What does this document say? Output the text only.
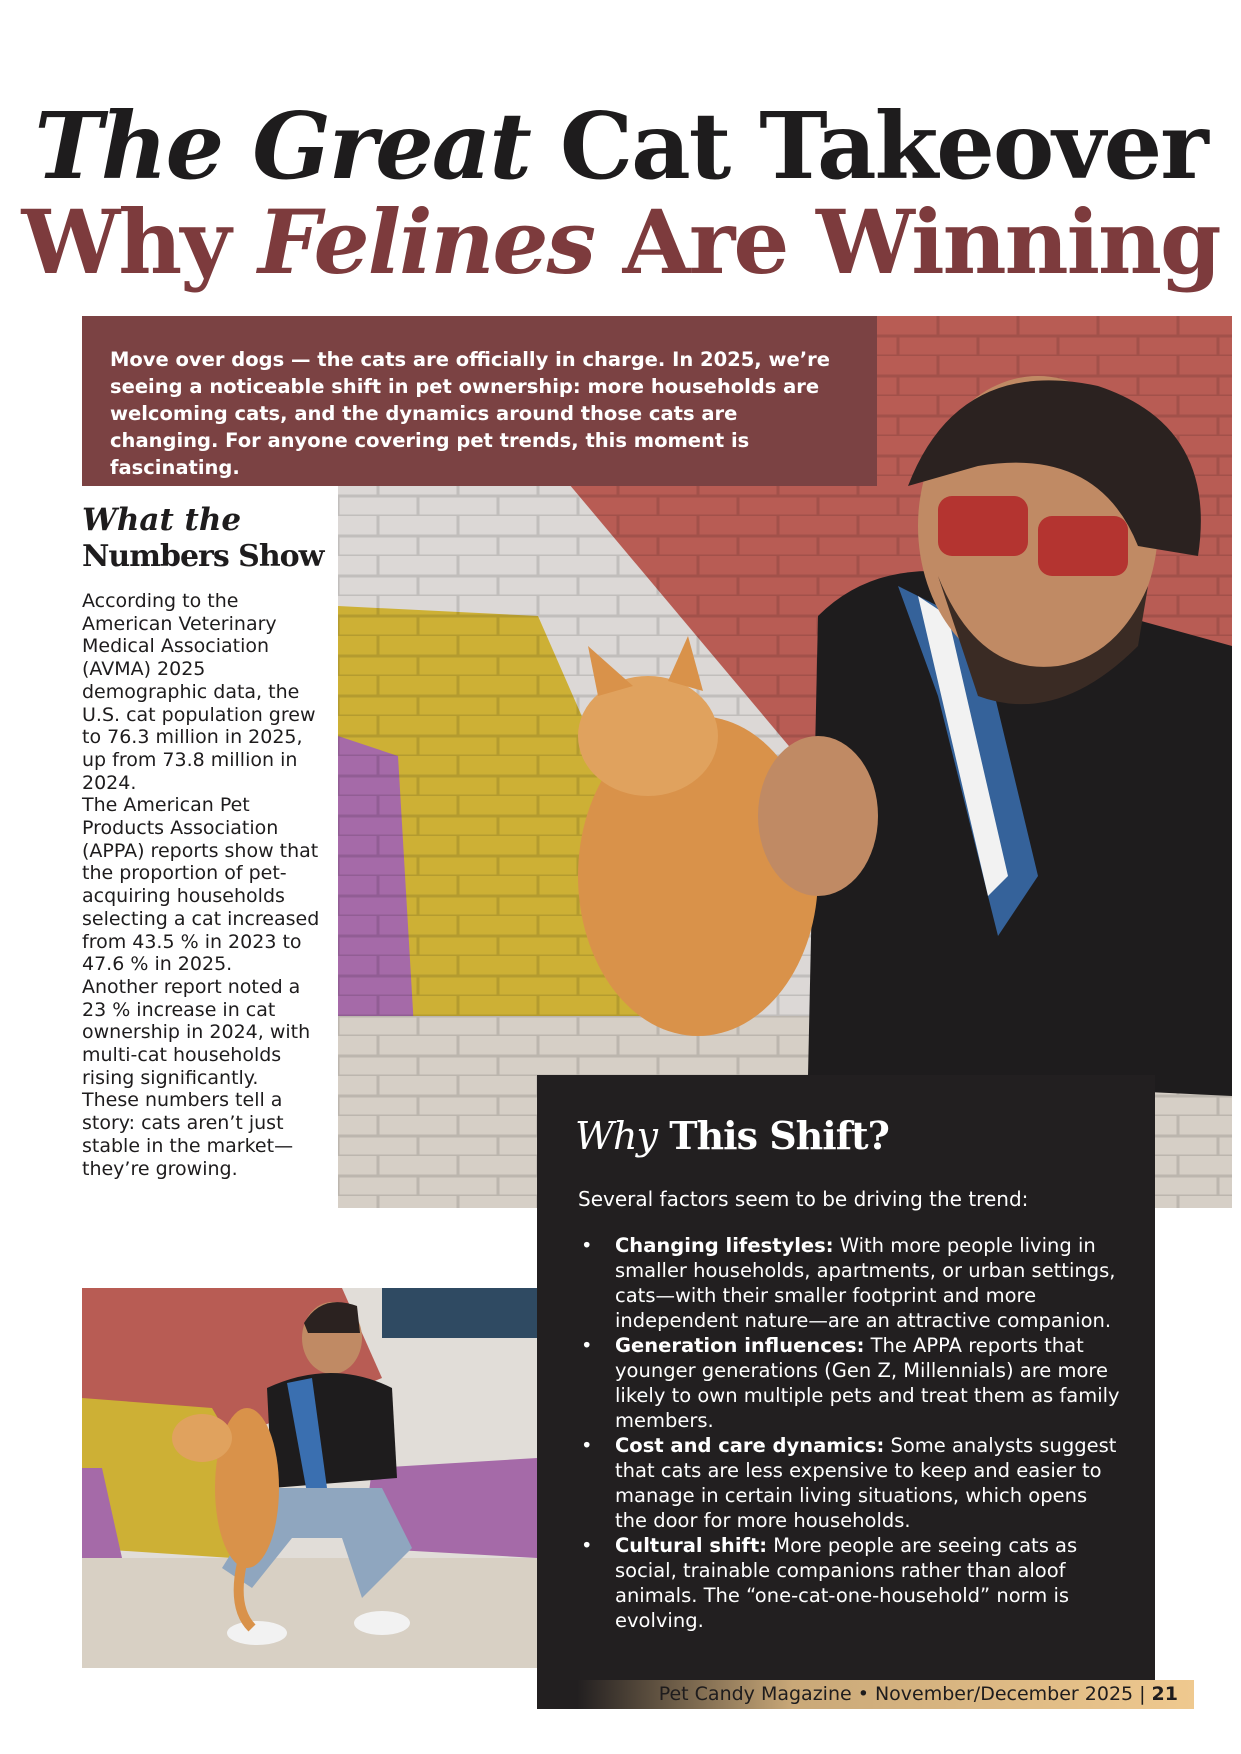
The Great Cat Takeover
Why Felines Are Winning

Move over dogs — the cats are officially in charge. In 2025, we’re seeing a noticeable shift in pet ownership: more households are welcoming cats, and the dynamics around those cats are changing. For anyone covering pet trends, this moment is fascinating.

What the
Numbers Show

According to the American Veterinary Medical Association (AVMA) 2025 demographic data, the U.S. cat population grew to 76.3 million in 2025, up from 73.8 million in 2024.

The American Pet Products Association (APPA) reports show that the proportion of pet-acquiring households selecting a cat increased from 43.5 % in 2023 to 47.6 % in 2025.

Another report noted a 23 % increase in cat ownership in 2024, with multi-cat households rising significantly.

These numbers tell a story: cats aren’t just stable in the market—they’re growing.

Why This Shift?

Several factors seem to be driving the trend:

• Changing lifestyles: With more people living in smaller households, apartments, or urban settings, cats—with their smaller footprint and more independent nature—are an attractive companion.
• Generation influences: The APPA reports that younger generations (Gen Z, Millennials) are more likely to own multiple pets and treat them as family members.
• Cost and care dynamics: Some analysts suggest that cats are less expensive to keep and easier to manage in certain living situations, which opens the door for more households.
• Cultural shift: More people are seeing cats as social, trainable companions rather than aloof animals. The “one-cat-one-household” norm is evolving.
Pet Candy Magazine • November/December 2025 | 21
